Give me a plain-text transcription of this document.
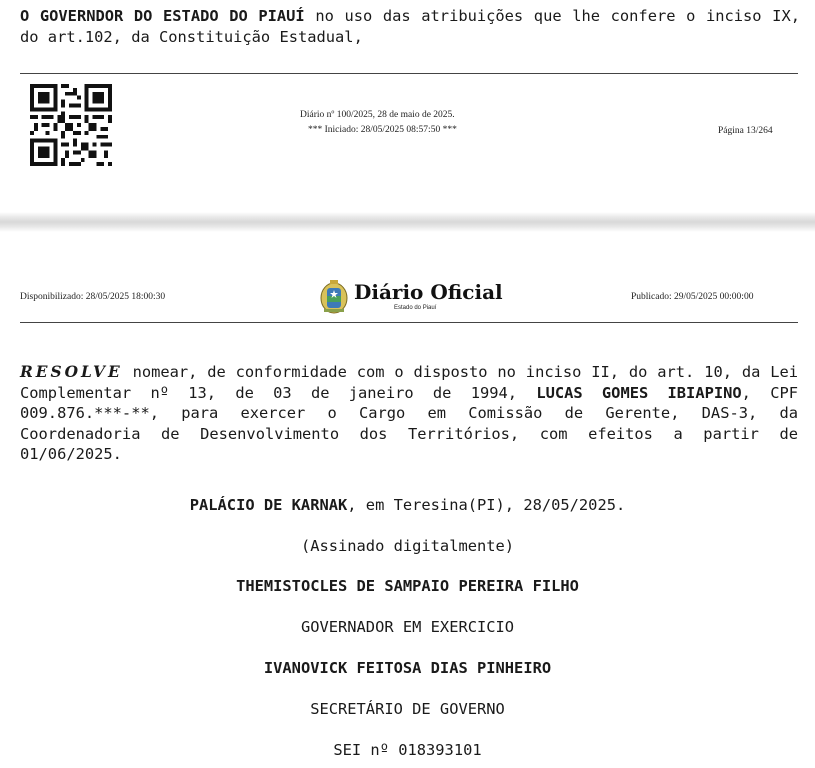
O GOVERNDOR DO ESTADO DO PIAUÍ no uso das atribuições que lhe confere o inciso IX, do art.102, da Constituição Estadual,
Diário nº 100/2025, 28 de maio de 2025.
*** Iniciado: 28/05/2025 08:57:50 ***	Página 13/264
Disponibilizado: 28/05/2025 18:00:30	Diário Oficial
Estado do Piauí
Publicado: 29/05/2025 00:00:00
RESOLVE nomear, de conformidade com o disposto no inciso II, do art. 10, da Lei Complementar nº 13, de 03 de janeiro de 1994, LUCAS GOMES IBIAPINO, CPF 009.876.***-**, para exercer o Cargo em Comissão de Gerente, DAS-3, da Coordenadoria de Desenvolvimento dos Territórios, com efeitos a partir de 01/06/2025.
PALÁCIO DE KARNAK, em Teresina(PI), 28/05/2025.
(Assinado digitalmente)
THEMISTOCLES DE SAMPAIO PEREIRA FILHO
GOVERNADOR EM EXERCICIO
IVANOVICK FEITOSA DIAS PINHEIRO
SECRETÁRIO DE GOVERNO
SEI nº 018393101
